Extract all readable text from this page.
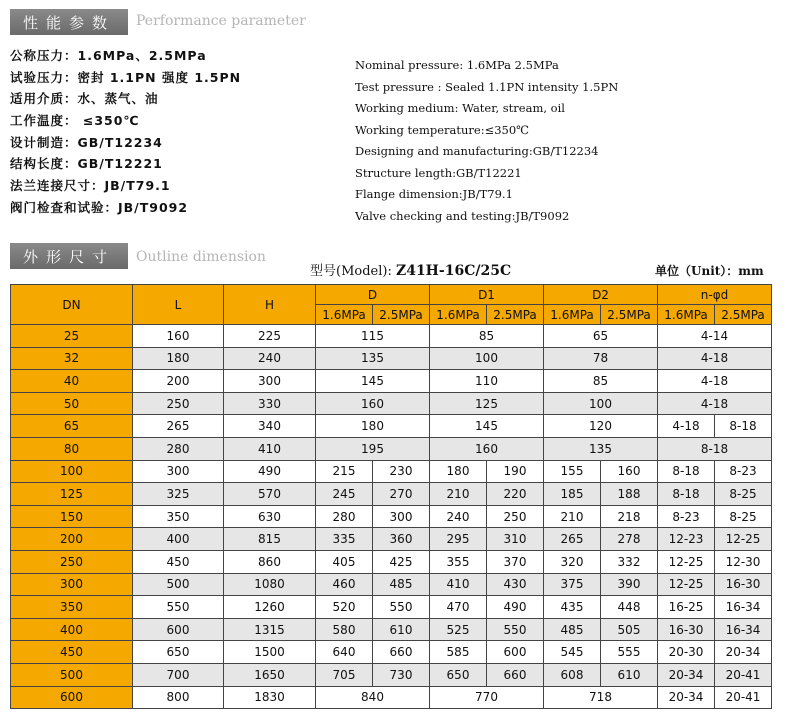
性能参数	Performance parameter
公称压力：1.6MPa、2.5MPa
试验压力：密封 1.1PN 强度 1.5PN
适用介质：水、蒸气、油
工作温度： ≤350℃
设计制造：GB/T12234
结构长度：GB/T12221
法兰连接尺寸：JB/T79.1
阀门检查和试验：JB/T9092
Nominal pressure: 1.6MPa 2.5MPa
Test pressure : Sealed 1.1PN intensity 1.5PN
Working medium: Water, stream, oil
Working temperature:≤350℃
Designing and manufacturing:GB/T12234
Structure length:GB/T12221
Flange dimension:JB/T79.1
Valve checking and testing:JB/T9092
外形尺寸	Outline dimension
型号(Model): Z41H-16C/25C	单位（Unit）：mm
DN	L	H	D		D1		D2		n-φd	
			1.6MPa	2.5MPa	1.6MPa	2.5MPa	1.6MPa	2.5MPa	1.6MPa	2.5MPa
25	160	225	115		85		65		4-14	
32	180	240	135		100		78		4-18	
40	200	300	145		110		85		4-18	
50	250	330	160		125		100		4-18	
65	265	340	180		145		120		4-18	8-18
80	280	410	195		160		135		8-18	
100	300	490	215	230	180	190	155	160	8-18	8-23
125	325	570	245	270	210	220	185	188	8-18	8-25
150	350	630	280	300	240	250	210	218	8-23	8-25
200	400	815	335	360	295	310	265	278	12-23	12-25
250	450	860	405	425	355	370	320	332	12-25	12-30
300	500	1080	460	485	410	430	375	390	12-25	16-30
350	550	1260	520	550	470	490	435	448	16-25	16-34
400	600	1315	580	610	525	550	485	505	16-30	16-34
450	650	1500	640	660	585	600	545	555	20-30	20-34
500	700	1650	705	730	650	660	608	610	20-34	20-41
600	800	1830	840		770		718		20-34	20-41
